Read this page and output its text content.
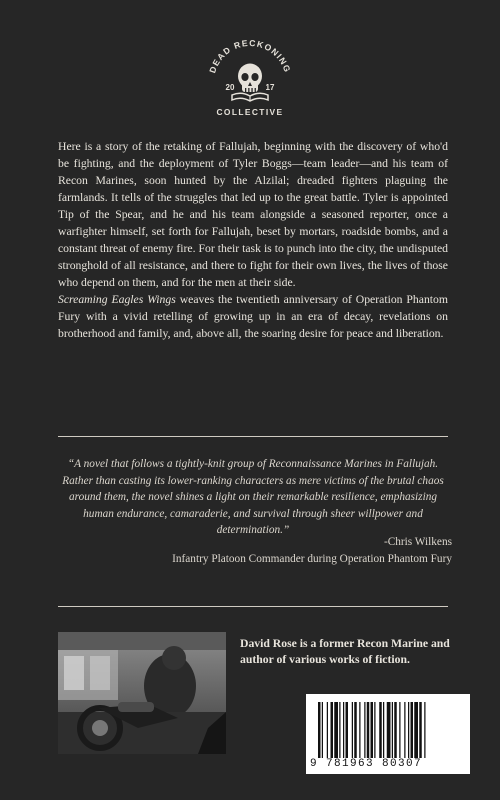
DEAD RECKONING
20	17
COLLECTIVE

Here is a story of the retaking of Fallujah, beginning with the discovery of who'd be fighting, and the deployment of Tyler Boggs—team leader—and his team of Recon Marines, soon hunted by the Alzilal; dreaded fighters plaguing the farmlands. It tells of the struggles that led up to the great battle. Tyler is appointed Tip of the Spear, and he and his team alongside a seasoned reporter, once a warfighter himself, set forth for Fallujah, beset by mortars, roadside bombs, and a constant threat of enemy fire. For their task is to punch into the city, the undisputed stronghold of all resistance, and there to fight for their own lives, the lives of those who depend on them, and for the men at their side.
Screaming Eagles Wings weaves the twentieth anniversary of Operation Phantom Fury with a vivid retelling of growing up in an era of decay, revelations on brotherhood and family, and, above all, the soaring desire for peace and liberation.

“A novel that follows a tightly-knit group of Reconnaissance Marines in Fallujah. Rather than casting its lower-ranking characters as mere victims of the brutal chaos around them, the novel shines a light on their remarkable resilience, emphasizing human endurance, camaraderie, and survival through sheer willpower and determination.”

-Chris Wilkens
Infantry Platoon Commander during Operation Phantom Fury

David Rose is a former Recon Marine and author of various works of fiction.

9 781963 80307
